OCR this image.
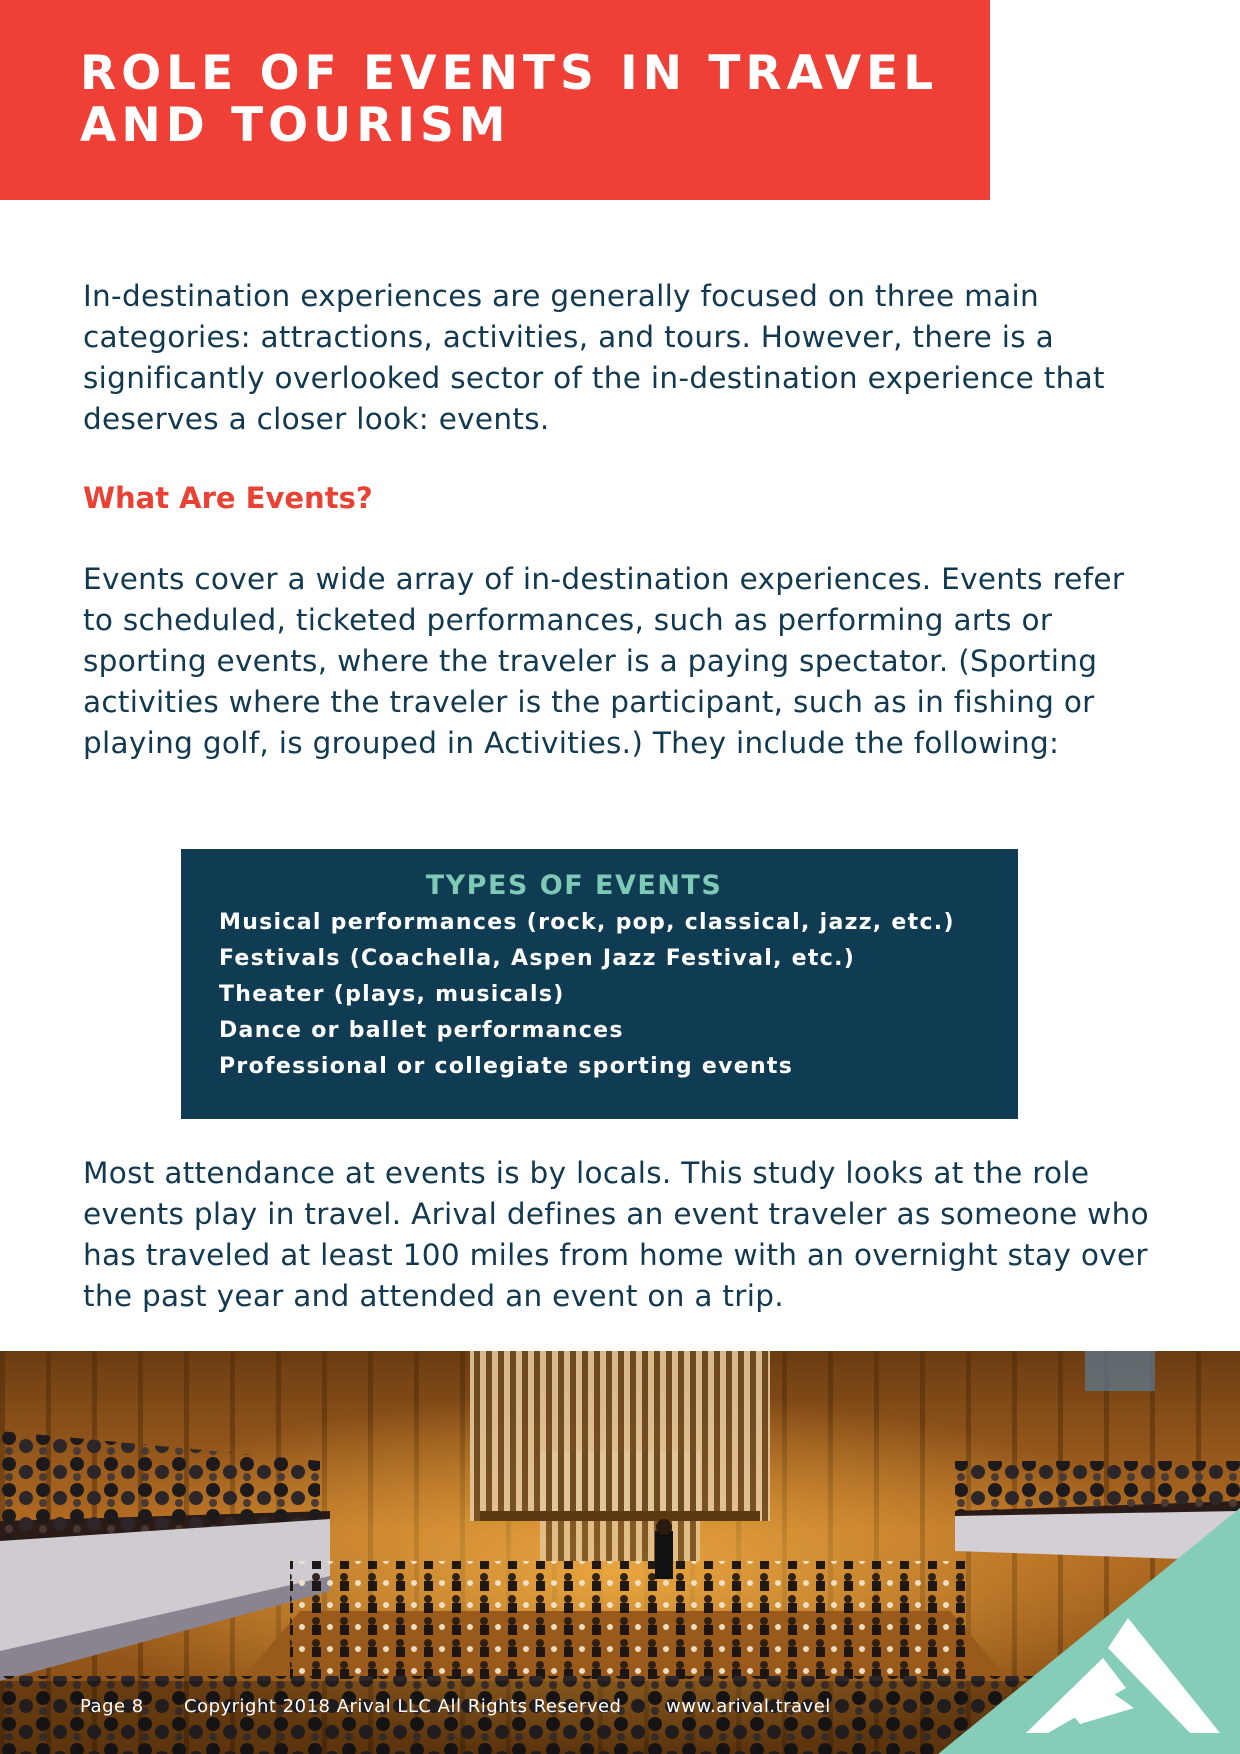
ROLE OF EVENTS IN TRAVEL AND TOURISM

In-destination experiences are generally focused on three main categories: attractions, activities, and tours. However, there is a significantly overlooked sector of the in-destination experience that deserves a closer look: events.

What Are Events?

Events cover a wide array of in-destination experiences. Events refer to scheduled, ticketed performances, such as performing arts or sporting events, where the traveler is a paying spectator. (Sporting activities where the traveler is the participant, such as in fishing or playing golf, is grouped in Activities.) They include the following:

TYPES OF EVENTS
Musical performances (rock, pop, classical, jazz, etc.)
Festivals (Coachella, Aspen Jazz Festival, etc.)
Theater (plays, musicals)
Dance or ballet performances
Professional or collegiate sporting events

Most attendance at events is by locals. This study looks at the role events play in travel. Arival defines an event traveler as someone who has traveled at least 100 miles from home with an overnight stay over the past year and attended an event on a trip.

Page 8 Copyright 2018 Arival LLC All Rights Reserved www.arival.travel
